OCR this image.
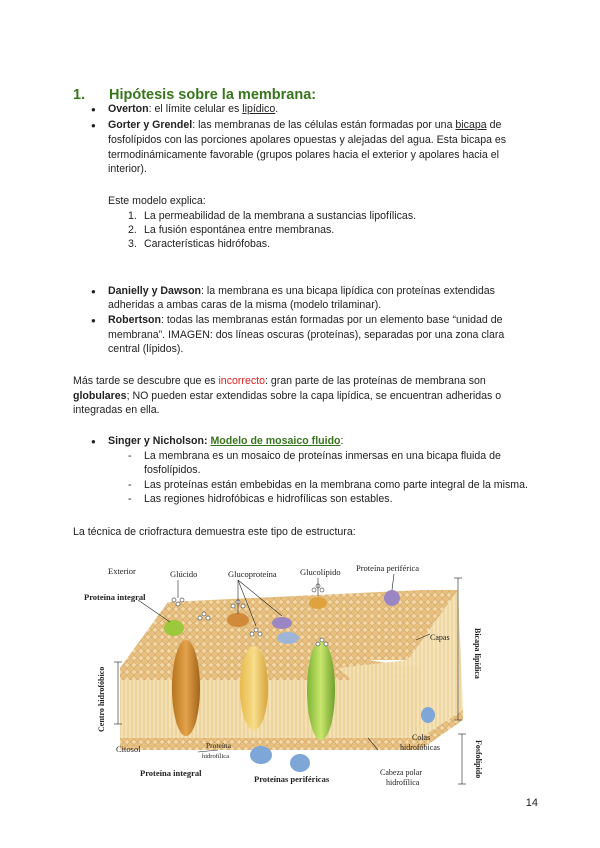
1. Hipótesis sobre la membrana:
● Overton: el límite celular es lipídico.
● Gorter y Grendel: las membranas de las células están formadas por una bicapa de
fosfolípidos con las porciones apolares opuestas y alejadas del agua. Esta bicapa es
termodinámicamente favorable (grupos polares hacia el exterior y apolares hacia el
interior).
Este modelo explica:
1. La permeabilidad de la membrana a sustancias lipofílicas.
2. La fusión espontánea entre membranas.
3. Características hidrófobas.
● Danielly y Dawson: la membrana es una bicapa lipídica con proteínas extendidas
adheridas a ambas caras de la misma (modelo trilaminar).
● Robertson: todas las membranas están formadas por un elemento base “unidad de
membrana”. IMAGEN: dos líneas oscuras (proteínas), separadas por una zona clara
central (lípidos).
Más tarde se descubre que es incorrecto: gran parte de las proteínas de membrana son
globulares; NO pueden estar extendidas sobre la capa lipídica, se encuentran adheridas o
integradas en ella.
● Singer y Nicholson: Modelo de mosaico fluido:
- La membrana es un mosaico de proteínas inmersas en una bicapa fluida de
fosfolípidos.
- Las proteínas están embebidas en la membrana como parte integral de la misma.
- Las regiones hidrofóbicas e hidrofílicas son estables.
La técnica de criofractura demuestra este tipo de estructura:
Exterior	Glúcido	Glucoproteína	Glucolípido Proteína periférica
Proteína integral
Capas	Bicapa lipídica
Centro hidrofóbico
Citosol	Proteína
hidrofílica
Proteína integral
Proteínas periféricas
Colas
hidrofóbicas
Cabeza polar
hidrofílica
Fosfolípido
14
